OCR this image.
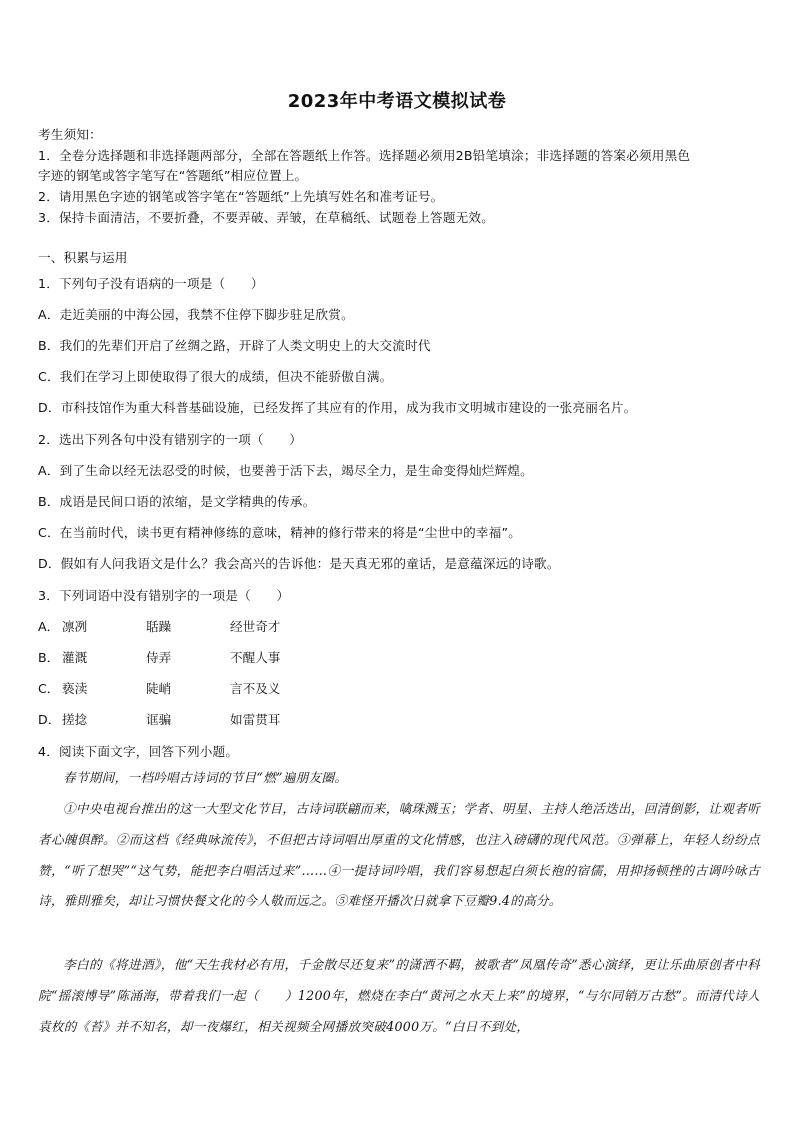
2023年中考语文模拟试卷
考生须知：
1．全卷分选择题和非选择题两部分，全部在答题纸上作答。选择题必须用2B铅笔填涂；非选择题的答案必须用黑色
字迹的钢笔或答字笔写在“答题纸”相应位置上。
2．请用黑色字迹的钢笔或答字笔在“答题纸”上先填写姓名和准考证号。
3．保持卡面清洁，不要折叠，不要弄破、弄皱，在草稿纸、试题卷上答题无效。
一、积累与运用
1．下列句子没有语病的一项是（　　）
A．走近美丽的中海公园，我禁不住停下脚步驻足欣赏。
B．我们的先辈们开启了丝绸之路，开辟了人类文明史上的大交流时代
C．我们在学习上即使取得了很大的成绩，但决不能骄傲自满。
D．市科技馆作为重大科普基础设施，已经发挥了其应有的作用，成为我市文明城市建设的一张亮丽名片。
2．选出下列各句中没有错别字的一项（　　）
A．到了生命以经无法忍受的时候，也要善于活下去，竭尽全力，是生命变得灿烂辉煌。
B．成语是民间口语的浓缩，是文学精典的传承。
C．在当前时代，读书更有精神修练的意味，精神的修行带来的将是“尘世中的幸福”。
D．假如有人问我语文是什么？我会高兴的告诉他：是天真无邪的童话，是意蕴深远的诗歌。
3．下列词语中没有错别字的一项是（　　）
A． 凛冽	聒躁	经世奇才
B． 灌溉	侍弄	不醒人事
C． 亵渎	陡峭	言不及义
D． 搓捻	诓骗	如雷贯耳
4．阅读下面文字，回答下列小题。
春节期间，一档吟唱古诗词的节目“燃”遍朋友圈。
①中央电视台推出的这一大型文化节目，古诗词联翩而来，噙珠溅玉；学者、明星、主持人绝活迭出，回清倒影，让观者听者心魄俱醉。②而这档《经典咏流传》，不但把古诗词唱出厚重的文化情感，也注入磅礴的现代风范。③弹幕上，年轻人纷纷点赞，“听了想哭”“这气势，能把李白唱活过来”……④一提诗词吟唱，我们容易想起白须长袍的宿儒，用抑扬顿挫的古调吟咏古诗，雅則雅矣，却让习惯快餐文化的今人敬而远之。⑤难怪开播次日就拿下豆瓣9.4的高分。
李白的《将进酒》，他“天生我材必有用，千金散尽还复来”的潇洒不羁，被歌者“凤凰传奇”悉心演绎，更让乐曲原创者中科院“摇滚博导”陈涌海，带着我们一起（　　）1200年，燃烧在李白“黄河之水天上来”的境界，“与尔同销万古愁”。而清代诗人袁枚的《苔》并不知名，却一夜爆红，相关视频全网播放突破4000万。“白日不到处，
